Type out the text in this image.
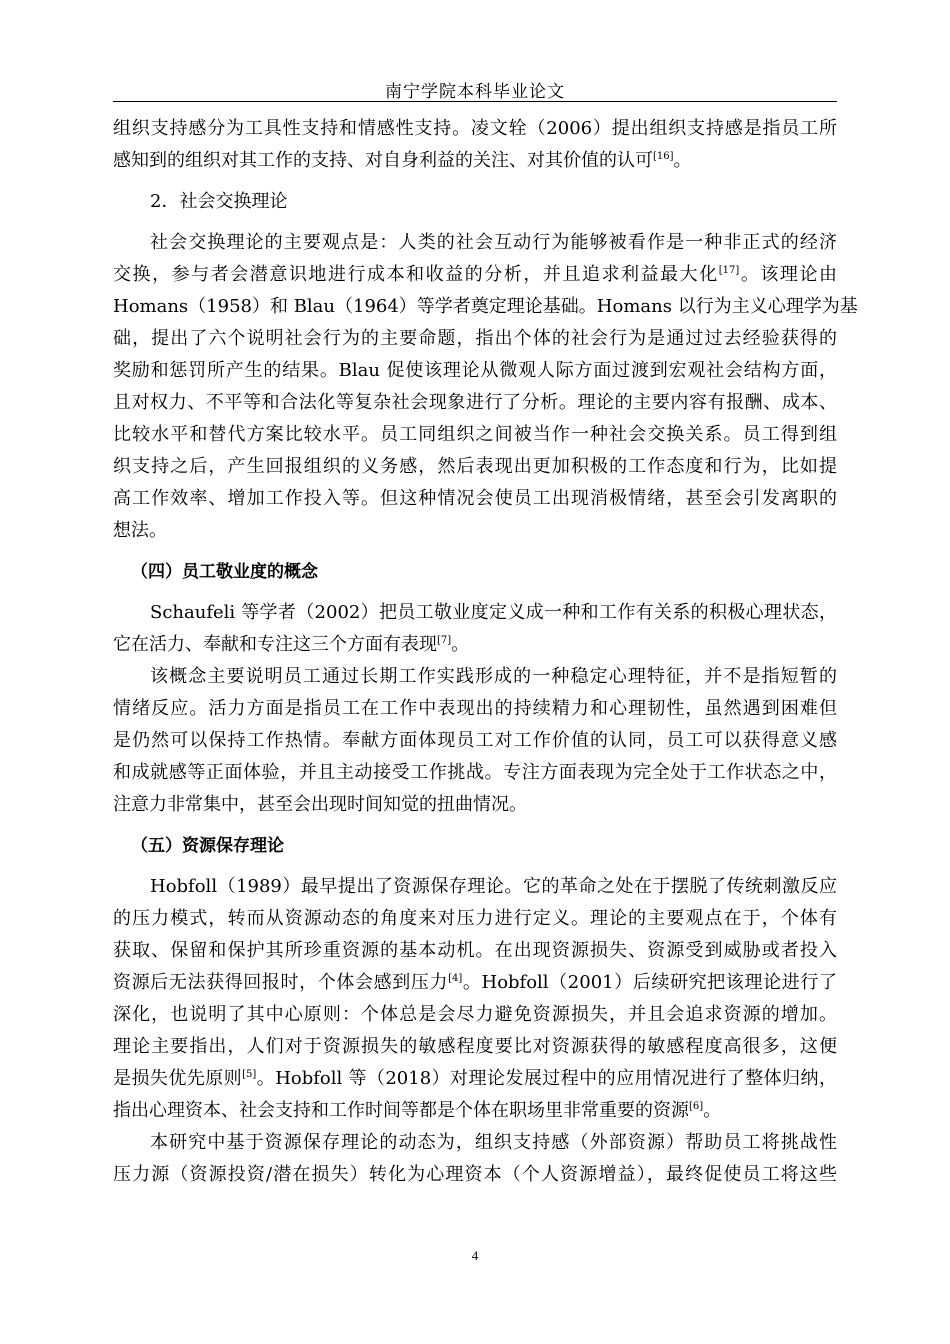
南宁学院本科毕业论文
组织支持感分为工具性支持和情感性支持。凌文辁（2006）提出组织支持感是指员工所
感知到的组织对其工作的支持、对自身利益的关注、对其价值的认可[16]。
2．社会交换理论
社会交换理论的主要观点是：人类的社会互动行为能够被看作是一种非正式的经济
交换，参与者会潜意识地进行成本和收益的分析，并且追求利益最大化[17]。该理论由
Homans（1958）和 Blau（1964）等学者奠定理论基础。Homans 以行为主义心理学为基
础，提出了六个说明社会行为的主要命题，指出个体的社会行为是通过过去经验获得的
奖励和惩罚所产生的结果。Blau 促使该理论从微观人际方面过渡到宏观社会结构方面，
且对权力、不平等和合法化等复杂社会现象进行了分析。理论的主要内容有报酬、成本、
比较水平和替代方案比较水平。员工同组织之间被当作一种社会交换关系。员工得到组
织支持之后，产生回报组织的义务感，然后表现出更加积极的工作态度和行为，比如提
高工作效率、增加工作投入等。但这种情况会使员工出现消极情绪，甚至会引发离职的
想法。
（四）员工敬业度的概念
Schaufeli 等学者（2002）把员工敬业度定义成一种和工作有关系的积极心理状态，
它在活力、奉献和专注这三个方面有表现[7]。
该概念主要说明员工通过长期工作实践形成的一种稳定心理特征，并不是指短暂的
情绪反应。活力方面是指员工在工作中表现出的持续精力和心理韧性，虽然遇到困难但
是仍然可以保持工作热情。奉献方面体现员工对工作价值的认同，员工可以获得意义感
和成就感等正面体验，并且主动接受工作挑战。专注方面表现为完全处于工作状态之中，
注意力非常集中，甚至会出现时间知觉的扭曲情况。
（五）资源保存理论
Hobfoll（1989）最早提出了资源保存理论。它的革命之处在于摆脱了传统刺激反应
的压力模式，转而从资源动态的角度来对压力进行定义。理论的主要观点在于，个体有
获取、保留和保护其所珍重资源的基本动机。在出现资源损失、资源受到威胁或者投入
资源后无法获得回报时，个体会感到压力[4]。Hobfoll（2001）后续研究把该理论进行了
深化，也说明了其中心原则：个体总是会尽力避免资源损失，并且会追求资源的增加。
理论主要指出，人们对于资源损失的敏感程度要比对资源获得的敏感程度高很多，这便
是损失优先原则[5]。Hobfoll 等（2018）对理论发展过程中的应用情况进行了整体归纳，
指出心理资本、社会支持和工作时间等都是个体在职场里非常重要的资源[6]。
本研究中基于资源保存理论的动态为，组织支持感（外部资源）帮助员工将挑战性
压力源（资源投资/潜在损失）转化为心理资本（个人资源增益），最终促使员工将这些
4
